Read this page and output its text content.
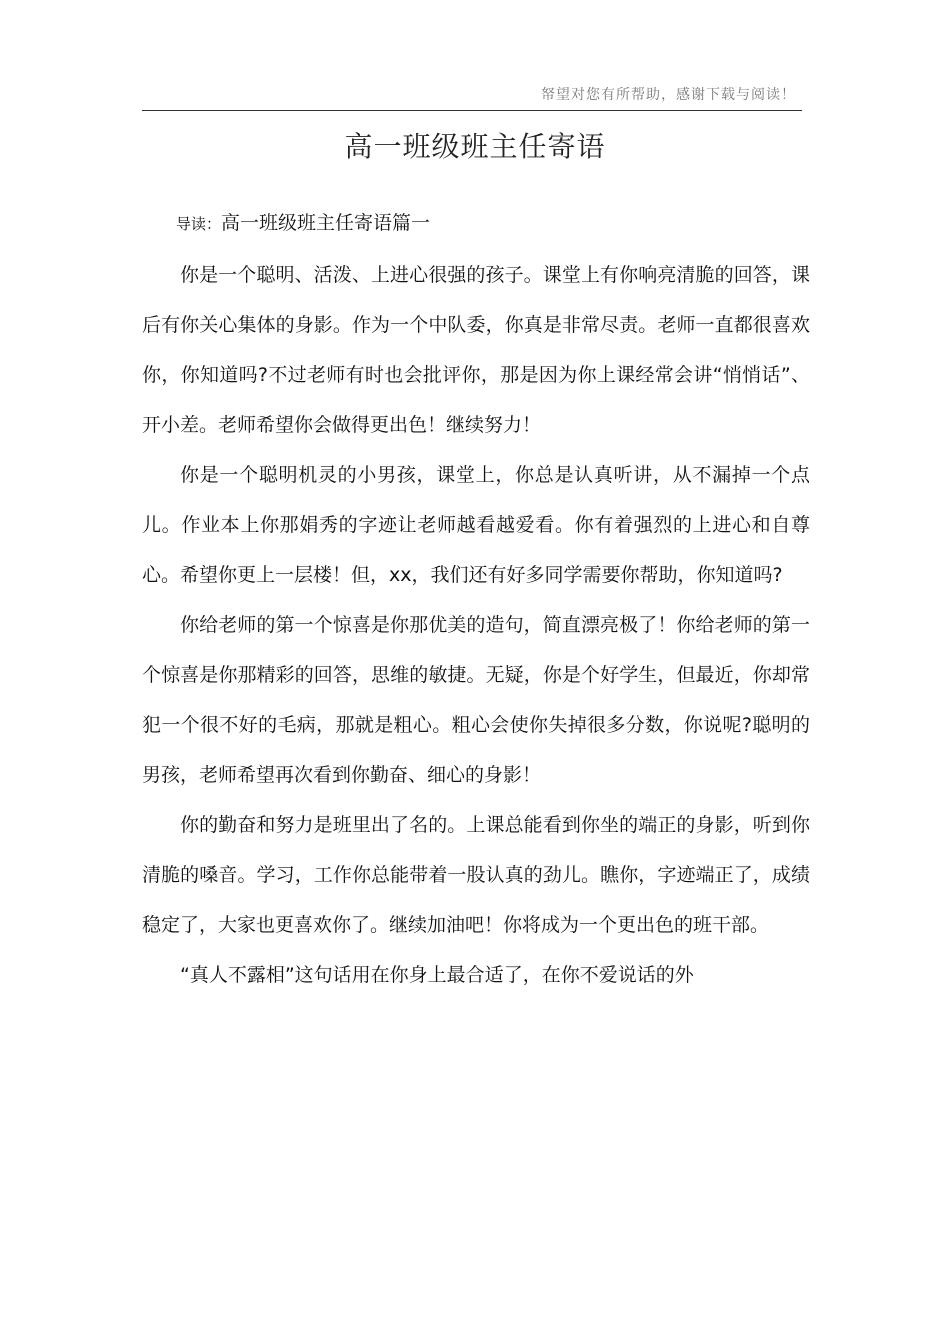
帑望对您有所帮助，感谢下载与阅读！
高一班级班主任寄语
导读：高一班级班主任寄语篇一

你是一个聪明、活泼、上进心很强的孩子。课堂上有你响亮清脆的回答，课后有你关心集体的身影。作为一个中队委，你真是非常尽责。老师一直都很喜欢你，你知道吗?不过老师有时也会批评你，那是因为你上课经常会讲“悄悄话”、开小差。老师希望你会做得更出色！继续努力！

你是一个聪明机灵的小男孩，课堂上，你总是认真听讲，从不漏掉一个点儿。作业本上你那娟秀的字迹让老师越看越爱看。你有着强烈的上进心和自尊心。希望你更上一层楼！但，xx，我们还有好多同学需要你帮助，你知道吗?

你给老师的第一个惊喜是你那优美的造句，简直漂亮极了！你给老师的第一个惊喜是你那精彩的回答，思维的敏捷。无疑，你是个好学生，但最近，你却常犯一个很不好的毛病，那就是粗心。粗心会使你失掉很多分数，你说呢?聪明的男孩，老师希望再次看到你勤奋、细心的身影！

你的勤奋和努力是班里出了名的。上课总能看到你坐的端正的身影，听到你清脆的嗓音。学习，工作你总能带着一股认真的劲儿。瞧你，字迹端正了，成绩稳定了，大家也更喜欢你了。继续加油吧！你将成为一个更出色的班干部。

“真人不露相”这句话用在你身上最合适了，在你不爱说话的外
